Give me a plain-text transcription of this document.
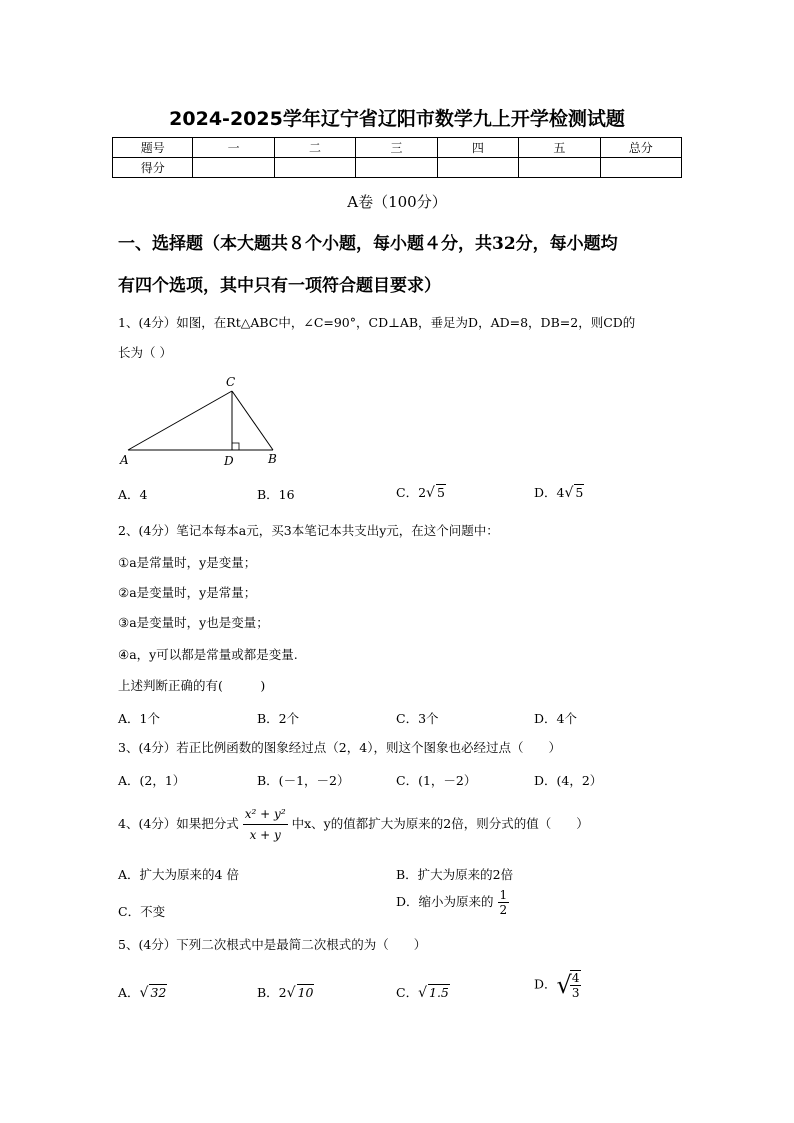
2024-2025学年辽宁省辽阳市数学九上开学检测试题
题号	一	二	三	四	五	总分
得分						
A卷（100分）
一、选择题（本大题共８个小题，每小题４分，共32分，每小题均
有四个选项，其中只有一项符合题目要求）
1、(4分）如图，在Rt△ABC中，∠C=90°，CD⊥AB，垂足为D，AD=8，DB=2，则CD的
长为（ ）
C
A	D	B
A．4	B．16	C．2√ 5	D．4√ 5
2、(4分）笔记本每本a元，买3本笔记本共支出y元，在这个问题中：
①a是常量时，y是变量；
②a是变量时，y是常量；
③a是变量时，y也是变量；
④a，y可以都是常量或都是变量.
上述判断正确的有(　　　)
A．1个	B．2个	C．3个	D．4个
3、(4分）若正比例函数的图象经过点（2，4），则这个图象也必经过点（　　）
A．(2，1）	B．(－1，－2）	C．(1，－2）	D．(4，2）
4、(4分）如果把分式 $\frac{\text{x² + y²}}{x + y}$ 中x、y的值都扩大为原来的2倍，则分式的值（　　）
A．扩大为原来的4 倍	B．扩大为原来的2倍
C．不变
D．缩小为原来的 $\frac{1}{2}$
5、(4分）下列二次根式中是最简二次根式的为（　　）
A．√ 32	B．2√ 10	C．√ 1.5
D．√
$\frac{4}{3}$
